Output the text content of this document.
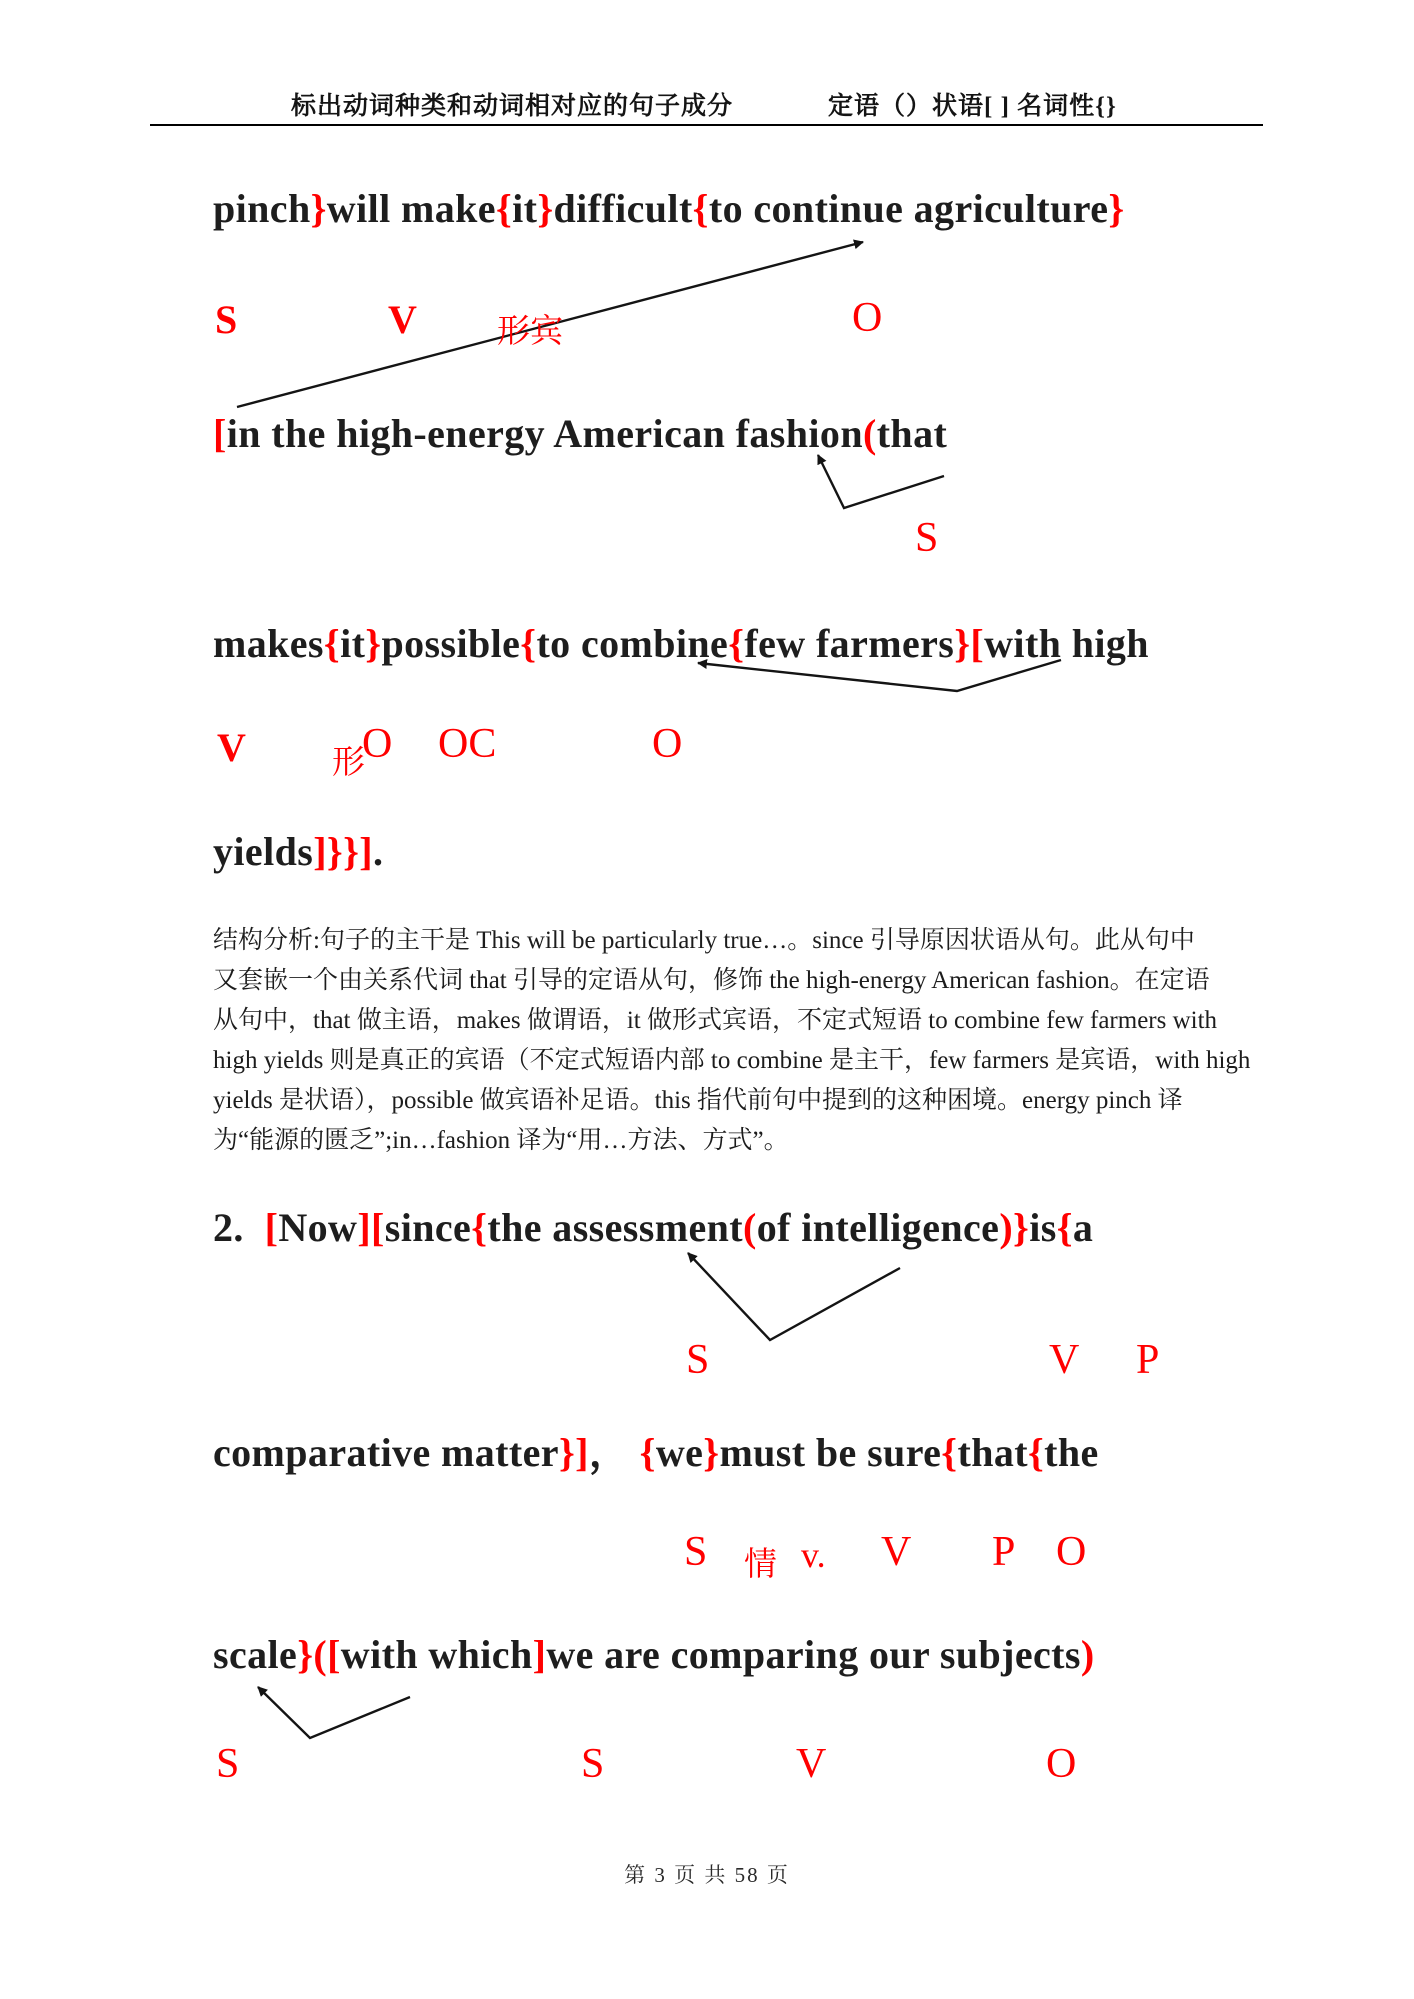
标出动词种类和动词相对应的句子成分	定语（）状语[ ] 名词性{}
pinch}will make{it}difficult{to continue agriculture}
S	V 形宾	O
[in the high-energy American fashion(that
S
makes{it}possible{to combine{few farmers}[with high
V	形
O OC	O
yields]}}].
结构分析:句子的主干是 This will be particularly true…。since 引导原因状语从句。此从句中
又套嵌一个由关系代词 that 引导的定语从句，修饰 the high-energy American fashion。在定语
从句中，that 做主语，makes 做谓语，it 做形式宾语，不定式短语 to combine few farmers with
high yields 则是真正的宾语（不定式短语内部 to combine 是主干，few farmers 是宾语，with high
yields 是状语），possible 做宾语补足语。this 指代前句中提到的这种困境。energy pinch 译
为“能源的匮乏”;in…fashion 译为“用…方法、方式”。
2.  [Now][since{the assessment(of intelligence)}is{a
S	V P
comparative matter}]， {we}must be sure{that{the
S 情 v. V P O
scale}([with which]we are comparing our subjects)
S	S	V	O
第 3 页 共 58 页
